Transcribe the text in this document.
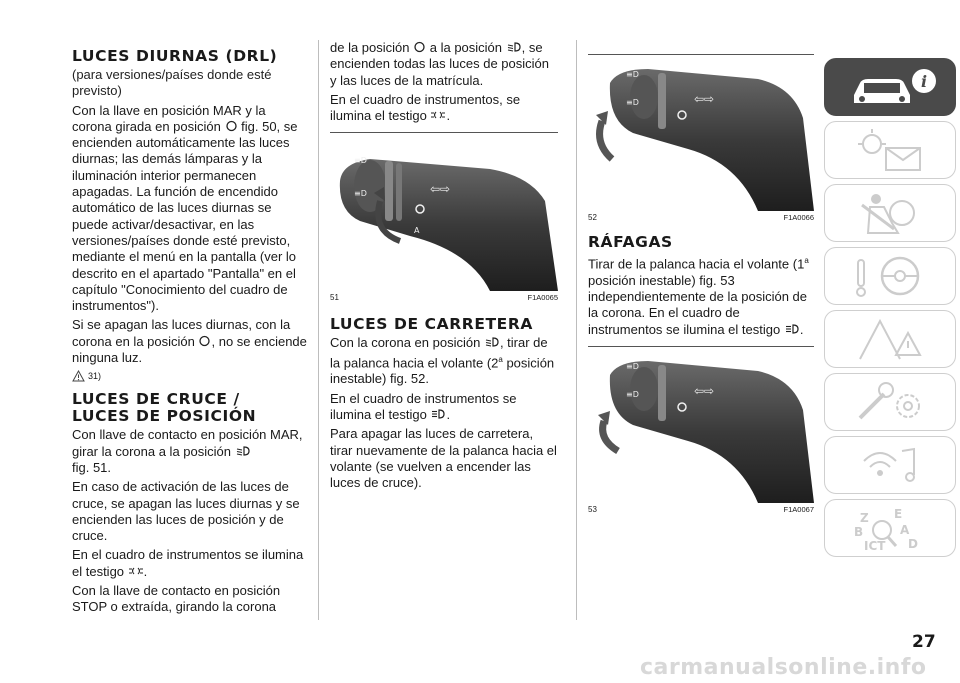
LUCES DIURNAS (DRL)

(para versiones/países donde esté previsto)

Con la llave en posición MAR y la corona girada en posición fig. 50, se encienden automáticamente las luces diurnas; las demás lámparas y la iluminación interior permanecen apagadas. La función de encendido automático de las luces diurnas se puede activar/desactivar, en las versiones/países donde esté previsto, mediante el menú en la pantalla (ver lo descrito en el apartado "Pantalla" en el capítulo "Conocimiento del cuadro de instrumentos").

Si se apagan las luces diurnas, con la corona en la posición , no se enciende ninguna luz.

31)
LUCES DE CRUCE /
LUCES DE POSICIÓN

Con llave de contacto en posición MAR, girar la corona a la posición
fig. 51.

En caso de activación de las luces de cruce, se apagan las luces diurnas y se encienden las luces de posición y de cruce.

En el cuadro de instrumentos se ilumina el testigo .

Con la llave de contacto en posición STOP o extraída, girando la corona

de la posición a la posición , se encienden todas las luces de posición y las luces de la matrícula.

En el cuadro de instrumentos, se ilumina el testigo .

≡D
≡D	⇦⇨
A
51	F1A0065
LUCES DE CARRETERA

Con la corona en posición , tirar de la palanca hacia el volante (2$^a$ posición inestable) fig. 52.

En el cuadro de instrumentos se ilumina el testigo .

Para apagar las luces de carretera, tirar nuevamente de la palanca hacia el volante (se vuelven a encender las luces de cruce).

≡D
≡D	⇦⇨
52	F1A0066
RÁFAGAS

Tirar de la palanca hacia el volante (1$^a$ posición inestable) fig. 53 independientemente de la posición de la corona. En el cuadro de instrumentos se ilumina el testigo .

≡D
≡D	⇦⇨
53	F1A0067
i
Z E
B	A
ICT D
27
carmanualsonline.info
